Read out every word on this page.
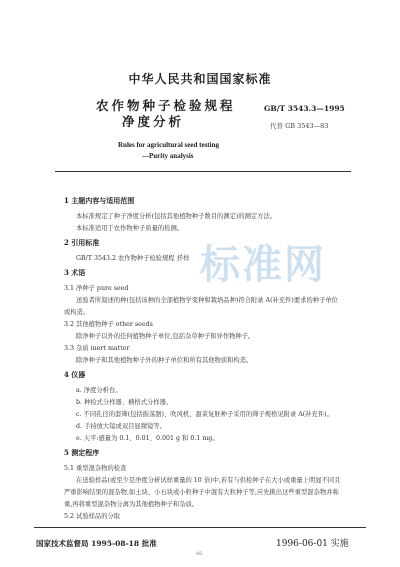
中华人民共和国国家标准
农作物种子检验规程
净度分析
GB/T 3543.3—1995
代替 GB 3543—83
Rules for agricultural seed testing
—Purity analysis
1 主题内容与适用范围
本标准规定了种子净度分析(包括其他植物种子数目的测定)的测定方法。
本标准适用于农作物种子质量的检测。
2 引用标准
GB/T 3543.2 农作物种子检验规程 扦样 标准网
3 术语
3.1 净种子 pure seed
送验者所叙述的种(包括该种的全部植物学变种和栽培品种)符合附录 A(补充件)要求的种子单位
或构造。
3.2 其他植物种子 other seeds
除净种子以外的任何植物种子单位,包括杂草种子和异作物种子。
3.3 杂质 inert matter
除净种子和其他植物种子外的种子单位和所有其他物质和构造。
4 仪器
a. 净度分析台。
b. 种检式分样器、横格式分样器。
c. 不同孔径的套筛(包括振荡器)、吹风机、甜菜复胚种子采用的筛子规格见附录 A(补充件)。
d. 手持放大镜或双目显微镜等。
e. 天平:感量为 0.1、0.01、0.001 g 和 0.1 mg。
5 测定程序
5.1 重型混杂物的检查
在送验样品(或至少是净度分析试样重量的 10 倍)中,若有与供检种子在大小或重量上明显不同且
严重影响结果的混杂物,如土块、小石块或小粒种子中混有大粒种子等,应先挑出这些重型混杂物并称
重,再将重型混杂物分离为其他植物种子和杂质。
5.2 试验样品的分取
国家技术监督局 1995-08-18 批准	1996-06-01 实施
86
